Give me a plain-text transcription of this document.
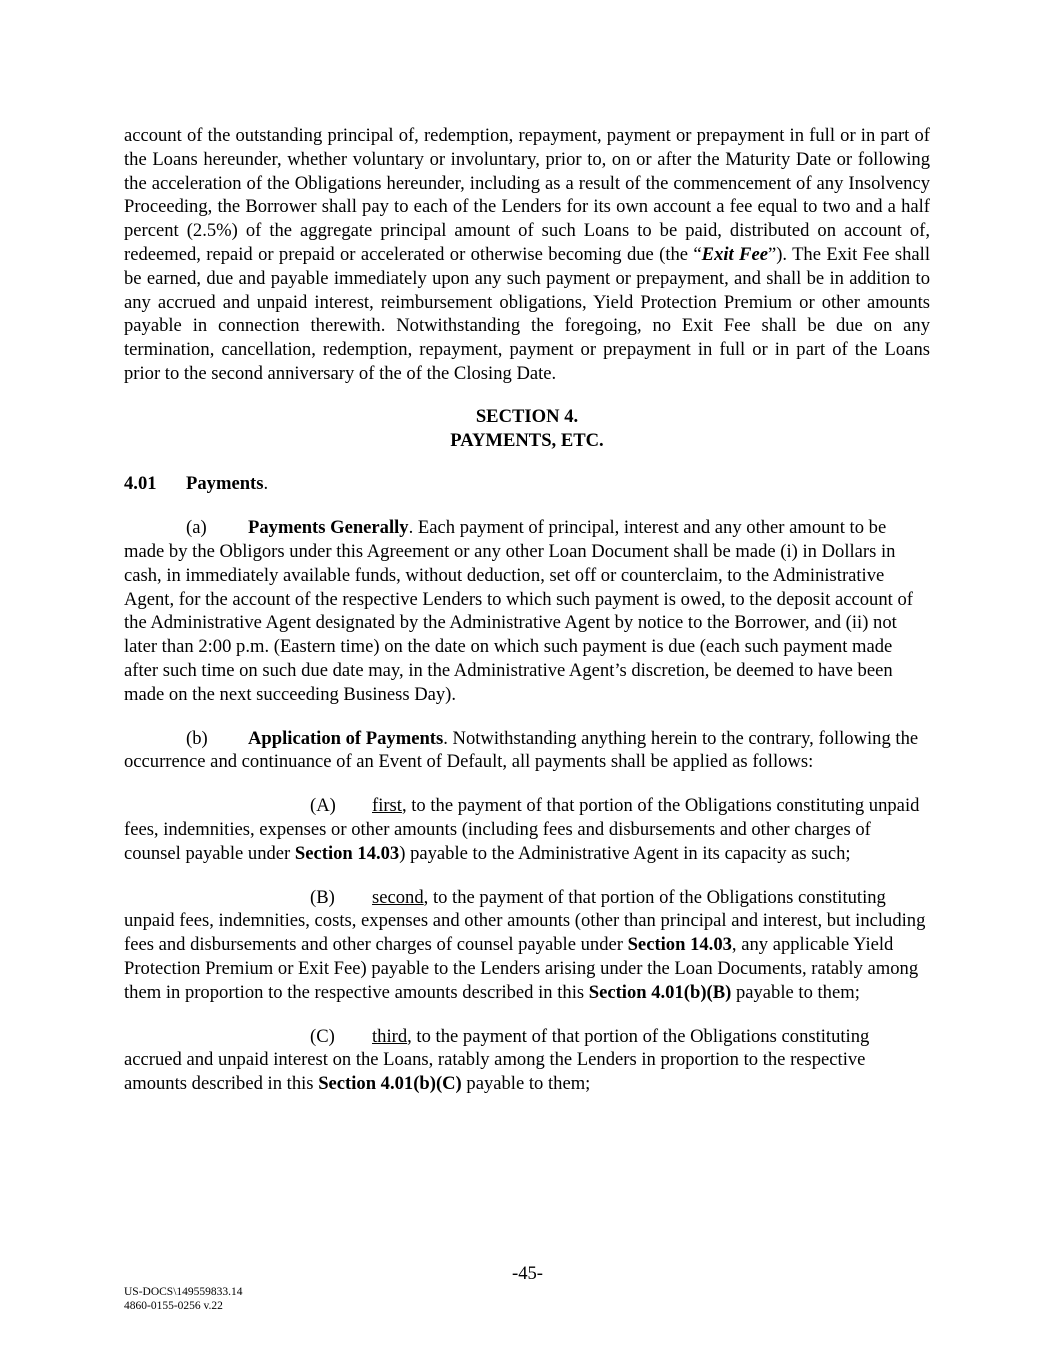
account of the outstanding principal of, redemption, repayment, payment or prepayment in full or in part of the Loans hereunder, whether voluntary or involuntary, prior to, on or after the Maturity Date or following the acceleration of the Obligations hereunder, including as a result of the commencement of any Insolvency Proceeding, the Borrower shall pay to each of the Lenders for its own account a fee equal to two and a half percent (2.5%) of the aggregate principal amount of such Loans to be paid, distributed on account of, redeemed, repaid or prepaid or accelerated or otherwise becoming due (the “Exit Fee”). The Exit Fee shall be earned, due and payable immediately upon any such payment or prepayment, and shall be in addition to any accrued and unpaid interest, reimbursement obligations, Yield Protection Premium or other amounts payable in connection therewith. Notwithstanding the foregoing, no Exit Fee shall be due on any termination, cancellation, redemption, repayment, payment or prepayment in full or in part of the Loans prior to the second anniversary of the of the Closing Date.

SECTION 4.
PAYMENTS, ETC.

4.01 Payments.

(a) Payments Generally. Each payment of principal, interest and any other amount to be made by the Obligors under this Agreement or any other Loan Document shall be made (i) in Dollars in cash, in immediately available funds, without deduction, set off or counterclaim, to the Administrative Agent, for the account of the respective Lenders to which such payment is owed, to the deposit account of the Administrative Agent designated by the Administrative Agent by notice to the Borrower, and (ii) not later than 2:00 p.m. (Eastern time) on the date on which such payment is due (each such payment made after such time on such due date may, in the Administrative Agent’s discretion, be deemed to have been made on the next succeeding Business Day).

(b) Application of Payments. Notwithstanding anything herein to the contrary, following the occurrence and continuance of an Event of Default, all payments shall be applied as follows:

(A) first, to the payment of that portion of the Obligations constituting unpaid fees, indemnities, expenses or other amounts (including fees and disbursements and other charges of counsel payable under Section 14.03) payable to the Administrative Agent in its capacity as such;

(B) second, to the payment of that portion of the Obligations constituting unpaid fees, indemnities, costs, expenses and other amounts (other than principal and interest, but including fees and disbursements and other charges of counsel payable under Section 14.03, any applicable Yield Protection Premium or Exit Fee) payable to the Lenders arising under the Loan Documents, ratably among them in proportion to the respective amounts described in this Section 4.01(b)(B) payable to them;

(C) third, to the payment of that portion of the Obligations constituting accrued and unpaid interest on the Loans, ratably among the Lenders in proportion to the respective amounts described in this Section 4.01(b)(C) payable to them;

-45-
US-DOCS\149559833.14
4860-0155-0256 v.22
